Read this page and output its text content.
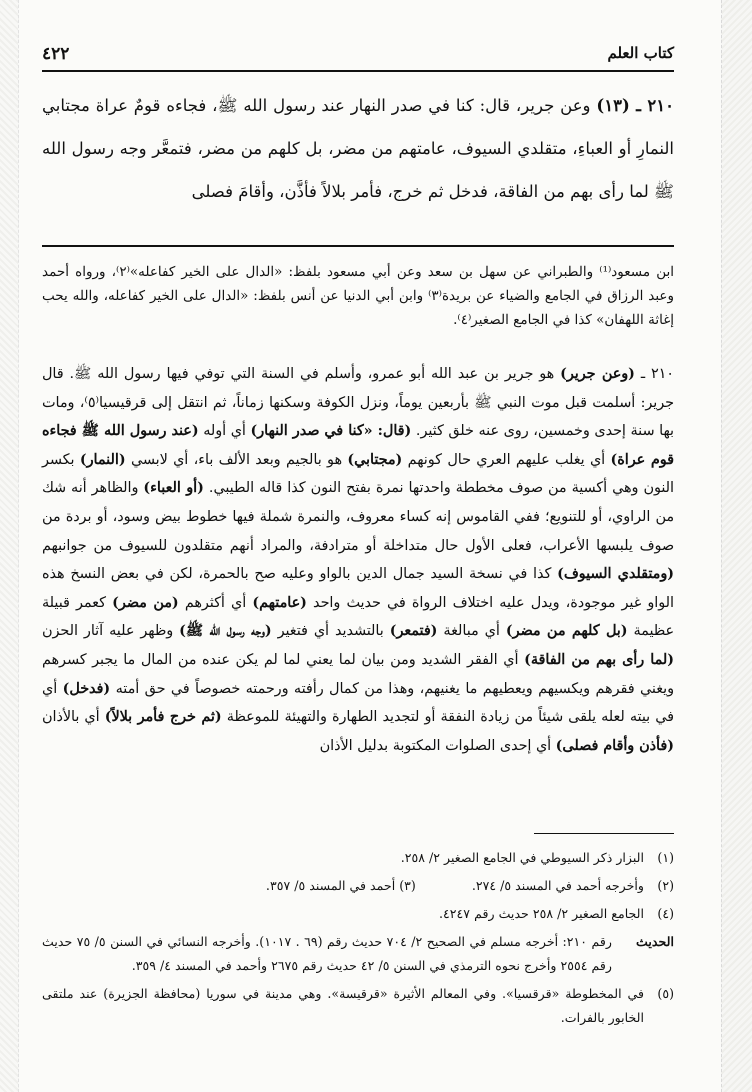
كتاب العلم
٤٢٢
٢١٠ ـ (١٣) وعن جرير، قال: كنا في صدر النهار عند رسول الله ﷺ، فجاءه قومٌ عراة مجتابي النمارِ أو العباءِ، متقلدي السيوف، عامتهم من مضر، بل كلهم من مضر، فتمعَّر وجه رسول الله ﷺ لما رأى بهم من الفاقة، فدخل ثم خرج، فأمر بلالاً فأذَّن، وأقامَ فصلى
ابن مسعود⁽¹⁾ والطبراني عن سهل بن سعد وعن أبي مسعود بلفظ: «الدال على الخير كفاعله»⁽٢⁾، ورواه أحمد وعبد الرزاق في الجامع والضياء عن بريدة⁽٣⁾ وابن أبي الدنيا عن أنس بلفظ: «الدال على الخير كفاعله، والله يحب إغاثة اللهفان» كذا في الجامع الصغير⁽٤⁾.
٢١٠ ـ (وعن جرير) هو جرير بن عبد الله أبو عمرو، وأسلم في السنة التي توفي فيها رسول الله ﷺ. قال جرير: أسلمت قبل موت النبي ﷺ بأربعين يوماً، ونزل الكوفة وسكنها زماناً، ثم انتقل إلى قرقيسيا⁽٥⁾، ومات بها سنة إحدى وخمسين، روى عنه خلق كثير. (قال: «كنا في صدر النهار) أي أوله (عند رسول الله ﷺ فجاءه قوم عراة) أي يغلب عليهم العري حال كونهم (مجتابي) هو بالجيم وبعد الألف باء، أي لابسي (النمار) بكسر النون وهي أكسية من صوف مخططة واحدتها نمرة بفتح النون كذا قاله الطيبي. (أو العباء) والظاهر أنه شك من الراوي، أو للتنويع؛ ففي القاموس إنه كساء معروف، والنمرة شملة فيها خطوط بيض وسود، أو بردة من صوف يلبسها الأعراب، فعلى الأول حال متداخلة أو مترادفة، والمراد أنهم متقلدون للسيوف من جوانبهم (ومتقلدي السيوف) كذا في نسخة السيد جمال الدين بالواو وعليه صح بالحمرة، لكن في بعض النسخ هذه الواو غير موجودة، ويدل عليه اختلاف الرواة في حديث واحد (عامتهم) أي أكثرهم (من مضر) كعمر قبيلة عظيمة (بل كلهم من مضر) أي مبالغة (فتمعر) بالتشديد أي فتغير (وجه رسول الله ﷺ) وظهر عليه آثار الحزن (لما رأى بهم من الفاقة) أي الفقر الشديد ومن بيان لما يعني لما لم يكن عنده من المال ما يجبر كسرهم ويغني فقرهم ويكسيهم ويعطيهم ما يغنيهم، وهذا من كمال رأفته ورحمته خصوصاً في حق أمته (فدخل) أي في بيته لعله يلقى شيئاً من زيادة النفقة أو لتجديد الطهارة والتهيئة للموعظة (ثم خرج فأمر بلالاً) أي بالأذان (فأذن وأقام فصلى) أي إحدى الصلوات المكتوبة بدليل الأذان
(١)
البزار ذكر السيوطي في الجامع الصغير ٢/ ٢٥٨.
(٢)
وأخرجه أحمد في المسند ٥/ ٢٧٤.(٣) أحمد في المسند ٥/ ٣٥٧.
(٤)
الجامع الصغير ٢/ ٢٥٨ حديث رقم ٤٢٤٧.
الحديث
رقم ٢١٠: أخرجه مسلم في الصحيح ٢/ ٧٠٤ حديث رقم (٦٩ . ١٠١٧). وأخرجه النسائي في السنن ٥/ ٧٥ حديث رقم ٢٥٥٤ وأخرج نحوه الترمذي في السنن ٥/ ٤٢ حديث رقم ٢٦٧٥ وأحمد في المسند ٤/ ٣٥٩.
(٥)
في المخطوطة «قرقسيا». وفي المعالم الأثيرة «قرقيسة». وهي مدينة في سوريا (محافظة الجزيرة) عند ملتقى الخابور بالفرات.
